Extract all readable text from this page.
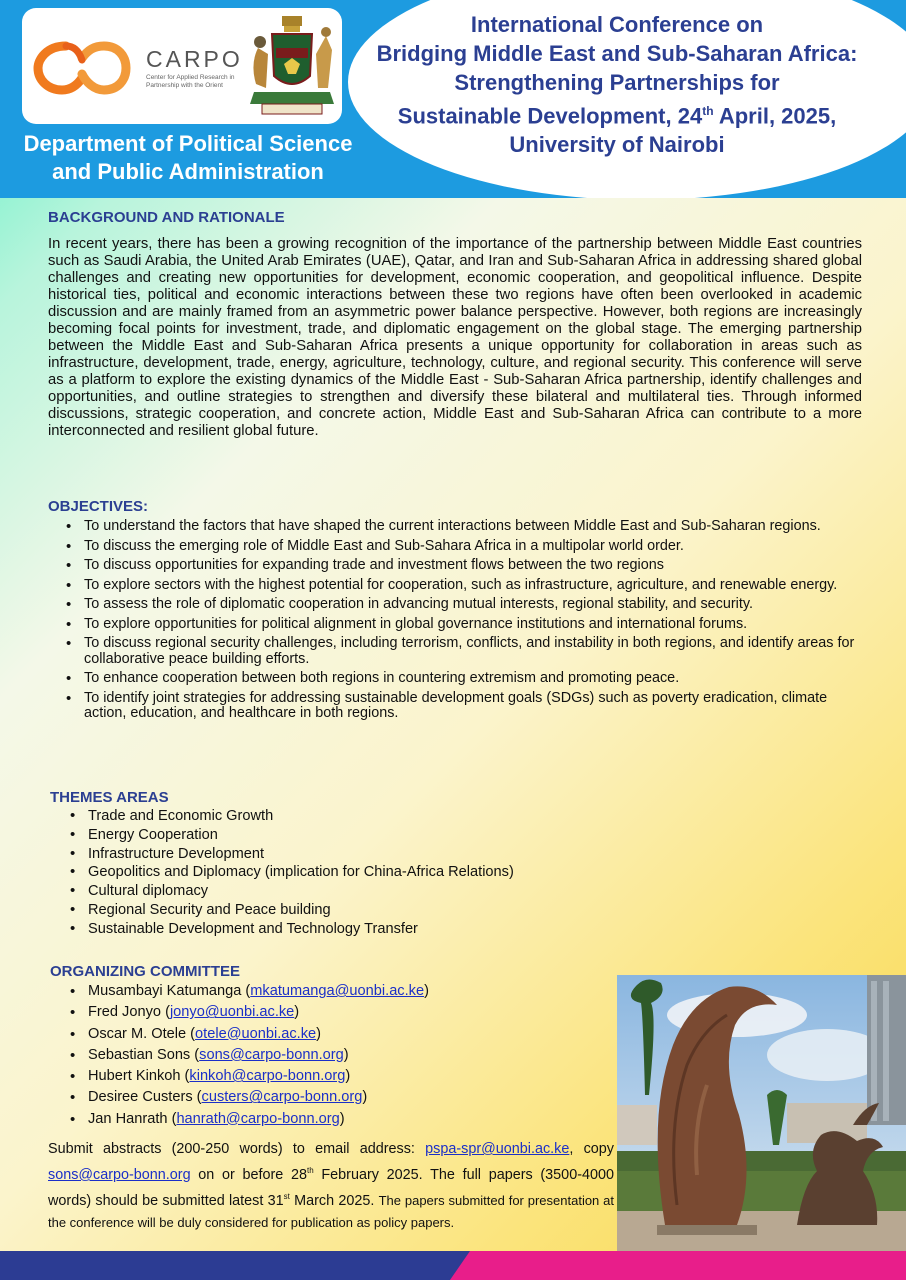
CARPO
Center for Applied Research in Partnership with the Orient
Department of Political Science and Public Administration
International Conference on
Bridging Middle East and Sub-Saharan Africa:
Strengthening Partnerships for
Sustainable Development, 24th April, 2025,
University of Nairobi
BACKGROUND AND RATIONALE

In recent years, there has been a growing recognition of the importance of the partnership between Middle East countries such as Saudi Arabia, the United Arab Emirates (UAE), Qatar, and Iran and Sub-Saharan Africa in addressing shared global challenges and creating new opportunities for development, economic cooperation, and geopolitical influence. Despite historical ties, political and economic interactions between these two regions have often been overlooked in academic discussion and are mainly framed from an asymmetric power balance perspective. However, both regions are increasingly becoming focal points for investment, trade, and diplomatic engagement on the global stage. The emerging partnership between the Middle East and Sub-Saharan Africa presents a unique opportunity for collaboration in areas such as infrastructure, development, trade, energy, agriculture, technology, culture, and regional security. This conference will serve as a platform to explore the existing dynamics of the Middle East - Sub-Saharan Africa partnership, identify challenges and opportunities, and outline strategies to strengthen and diversify these bilateral and multilateral ties. Through informed discussions, strategic cooperation, and concrete action, Middle East and Sub-Saharan Africa can contribute to a more interconnected and resilient global future.

OBJECTIVES:
• To understand the factors that have shaped the current interactions between Middle East and Sub-Saharan regions.
• To discuss the emerging role of Middle East and Sub-Sahara Africa in a multipolar world order.
• To discuss opportunities for expanding trade and investment flows between the two regions
• To explore sectors with the highest potential for cooperation, such as infrastructure, agriculture, and renewable energy.
• To assess the role of diplomatic cooperation in advancing mutual interests, regional stability, and security.
• To explore opportunities for political alignment in global governance institutions and international forums.
• To discuss regional security challenges, including terrorism, conflicts, and instability in both regions, and identify areas for collaborative peace building efforts.
• To enhance cooperation between both regions in countering extremism and promoting peace.
• To identify joint strategies for addressing sustainable development goals (SDGs) such as poverty eradication, climate action, education, and healthcare in both regions.
THEMES AREAS
• Trade and Economic Growth
• Energy Cooperation
• Infrastructure Development
• Geopolitics and Diplomacy (implication for China-Africa Relations)
• Cultural diplomacy
• Regional Security and Peace building
• Sustainable Development and Technology Transfer
ORGANIZING COMMITTEE
• Musambayi Katumanga (mkatumanga@uonbi.ac.ke)
• Fred Jonyo (jonyo@uonbi.ac.ke)
• Oscar M. Otele (otele@uonbi.ac.ke)
• Sebastian Sons (sons@carpo-bonn.org)
• Hubert Kinkoh (kinkoh@carpo-bonn.org)
• Desiree Custers (custers@carpo-bonn.org)
• Jan Hanrath (hanrath@carpo-bonn.org)

Submit abstracts (200-250 words) to email address: pspa-spr@uonbi.ac.ke, copy sons@carpo-bonn.org on or before 28th February 2025. The full papers (3500-4000 words) should be submitted latest 31st March 2025. The papers submitted for presentation at the conference will be duly considered for publication as policy papers.
